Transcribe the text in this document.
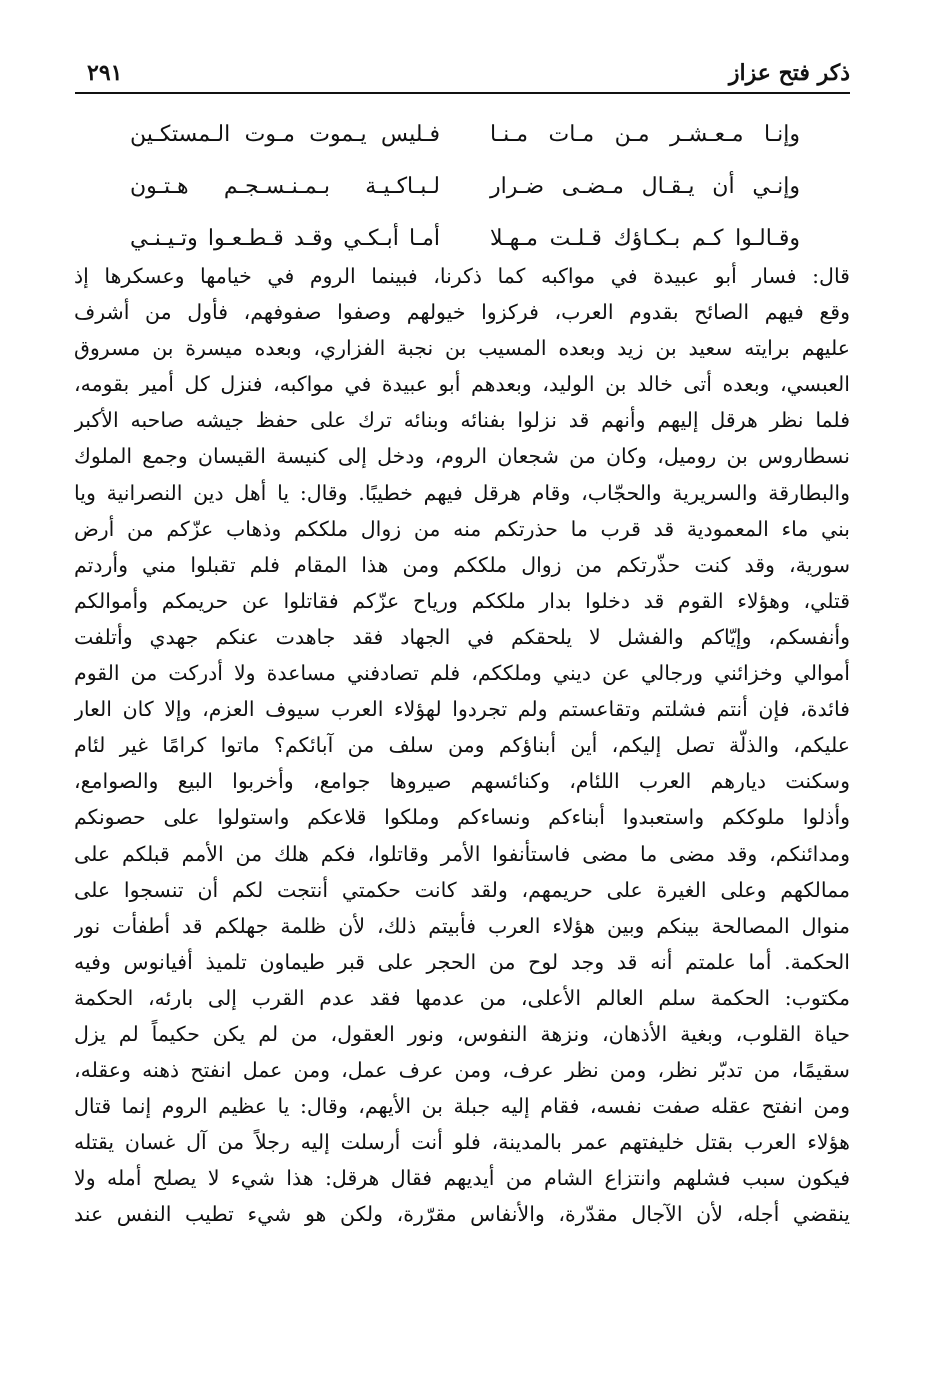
ذكر فتح عزاز
٢٩١
وإنـا مـعـشـر مـن مـات مـنـا
فـليس يـموت مـوت الـمستكـين
وإنـي أن يـقـال مـضـى ضـرار
لـبـاكـيـة بـمـنـسـجـم هـتـون
وقـالـوا كـم بـكـاؤك قـلـت مـهـلا
أمـا أبـكـي وقـد قـطـعـوا وتـيـنـي
قال: فسار أبو عبيدة في مواكبه كما ذكرنا، فبينما الروم في خيامها وعسكرها إذ
وقع فيهم الصائح بقدوم العرب، فركزوا خيولهم وصفوا صفوفهم، فأول من أشرف
عليهم برايته سعيد بن زيد وبعده المسيب بن نجبة الفزاري، وبعده ميسرة بن مسروق
العبسي، وبعده أتى خالد بن الوليد، وبعدهم أبو عبيدة في مواكبه، فنزل كل أمير بقومه،
فلما نظر هرقل إليهم وأنهم قد نزلوا بفنائه وبنائه ترك على حفظ جيشه صاحبه الأكبر
نسطاروس بن روميل، وكان من شجعان الروم، ودخل إلى كنيسة القيسان وجمع الملوك
والبطارقة والسريرية والحجّاب، وقام هرقل فيهم خطيبًا. وقال: يا أهل دين النصرانية ويا
بني ماء المعمودية قد قرب ما حذرتكم منه من زوال ملككم وذهاب عزّكم من أرض
سورية، وقد كنت حذّرتكم من زوال ملككم ومن هذا المقام فلم تقبلوا مني وأردتم
قتلي، وهؤلاء القوم قد دخلوا بدار ملككم ورياح عزّكم فقاتلوا عن حريمكم وأموالكم
وأنفسكم، وإيّاكم والفشل لا يلحقكم في الجهاد فقد جاهدت عنكم جهدي وأتلفت
أموالي وخزائني ورجالي عن ديني وملككم، فلم تصادفني مساعدة ولا أدركت من القوم
فائدة، فإن أنتم فشلتم وتقاعستم ولم تجردوا لهؤلاء العرب سيوف العزم، وإلا كان العار
عليكم، والذلّة تصل إليكم، أين أبناؤكم ومن سلف من آبائكم؟ ماتوا كرامًا غير لئام
وسكنت ديارهم العرب اللئام، وكنائسهم صيروها جوامع، وأخربوا البيع والصوامع،
وأذلوا ملوككم واستعبدوا أبناءكم ونساءكم وملكوا قلاعكم واستولوا على حصونكم
ومدائنكم، وقد مضى ما مضى فاستأنفوا الأمر وقاتلوا، فكم هلك من الأمم قبلكم على
ممالكهم وعلى الغيرة على حريمهم، ولقد كانت حكمتي أنتجت لكم أن تنسجوا على
منوال المصالحة بينكم وبين هؤلاء العرب فأبيتم ذلك، لأن ظلمة جهلكم قد أطفأت نور
الحكمة. أما علمتم أنه قد وجد لوح من الحجر على قبر طيماون تلميذ أفيانوس وفيه
مكتوب: الحكمة سلم العالم الأعلى، من عدمها فقد عدم القرب إلى بارئه، الحكمة
حياة القلوب، وبغية الأذهان، ونزهة النفوس، ونور العقول، من لم يكن حكيماً لم يزل
سقيمًا، من تدبّر نظر، ومن نظر عرف، ومن عرف عمل، ومن عمل انفتح ذهنه وعقله،
ومن انفتح عقله صفت نفسه، فقام إليه جبلة بن الأيهم، وقال: يا عظيم الروم إنما قتال
هؤلاء العرب بقتل خليفتهم عمر بالمدينة، فلو أنت أرسلت إليه رجلاً من آل غسان يقتله
فيكون سبب فشلهم وانتزاع الشام من أيديهم فقال هرقل: هذا شيء لا يصلح أمله ولا
ينقضي أجله، لأن الآجال مقدّرة، والأنفاس مقرّرة، ولكن هو شيء تطيب النفس عند
